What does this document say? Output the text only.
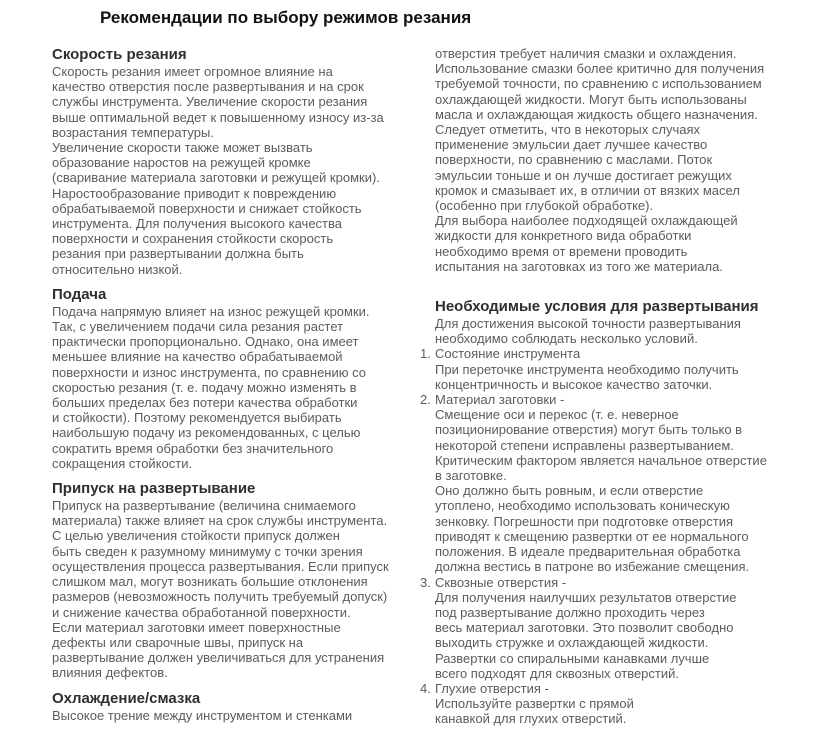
Рекомендации по выбору режимов резания
Скорость резания
Скорость резания имеет огромное влияние на
качество отверстия после развертывания и на срок
службы инструмента. Увеличение скорости резания
выше оптимальной ведет к повышенному износу из-за
возрастания температуры.
Увеличение скорости также может вызвать
образование наростов на режущей кромке
(сваривание материала заготовки и режущей кромки).
Наростообразование приводит к повреждению
обрабатываемой поверхности и снижает стойкость
инструмента. Для получения высокого качества
поверхности и сохранения стойкости скорость
резания при развертывании должна быть
относительно низкой.
Подача
Подача напрямую влияет на износ режущей кромки.
Так, с увеличением подачи сила резания растет
практически пропорционально. Однако, она имеет
меньшее влияние на качество обрабатываемой
поверхности и износ инструмента, по сравнению со
скоростью резания (т. е. подачу можно изменять в
больших пределах без потери качества обработки
и стойкости). Поэтому рекомендуется выбирать
наибольшую подачу из рекомендованных, с целью
сократить время обработки без значительного
сокращения стойкости.
Припуск на развертывание
Припуск на развертывание (величина снимаемого
материала) также влияет на срок службы инструмента.
С целью увеличения стойкости припуск должен
быть сведен к разумному минимуму с точки зрения
осуществления процесса развертывания. Если припуск
слишком мал, могут возникать большие отклонения
размеров (невозможность получить требуемый допуск)
и снижение качества обработанной поверхности.
Если материал заготовки имеет поверхностные
дефекты или сварочные швы, припуск на
развертывание должен увеличиваться для устранения
влияния дефектов.
Охлаждение/смазка
Высокое трение между инструментом и стенками
отверстия требует наличия смазки и охлаждения.
Использование смазки более критично для получения
требуемой точности, по сравнению с использованием
охлаждающей жидкости. Могут быть использованы
масла и охлаждающая жидкость общего назначения.
Следует отметить, что в некоторых случаях
применение эмульсии дает лучшее качество
поверхности, по сравнению с маслами. Поток
эмульсии тоньше и он лучше достигает режущих
кромок и смазывает их, в отличии от вязких масел
(особенно при глубокой обработке).
Для выбора наиболее подходящей охлаждающей
жидкости для конкретного вида обработки
необходимо время от времени проводить
испытания на заготовках из того же материала.
Необходимые условия для развертывания
Для достижения высокой точности развертывания
необходимо соблюдать несколько условий.
1. Состояние инструмента
При переточке инструмента необходимо получить
концентричность и высокое качество заточки.
2. Материал заготовки -
Смещение оси и перекос (т. е. неверное
позиционирование отверстия) могут быть только в
некоторой степени исправлены развертыванием.
Критическим фактором является начальное отверстие
в заготовке.
Оно должно быть ровным, и если отверстие
утоплено, необходимо использовать коническую
зенковку. Погрешности при подготовке отверстия
приводят к смещению развертки от ее нормального
положения. В идеале предварительная обработка
должна вестись в патроне во избежание смещения.
3. Сквозные отверстия -
Для получения наилучших результатов отверстие
под развертывание должно проходить через
весь материал заготовки. Это позволит свободно
выходить стружке и охлаждающей жидкости.
Развертки со спиральными канавками лучше
всего подходят для сквозных отверстий.
4. Глухие отверстия -
Используйте развертки с прямой
канавкой для глухих отверстий.
